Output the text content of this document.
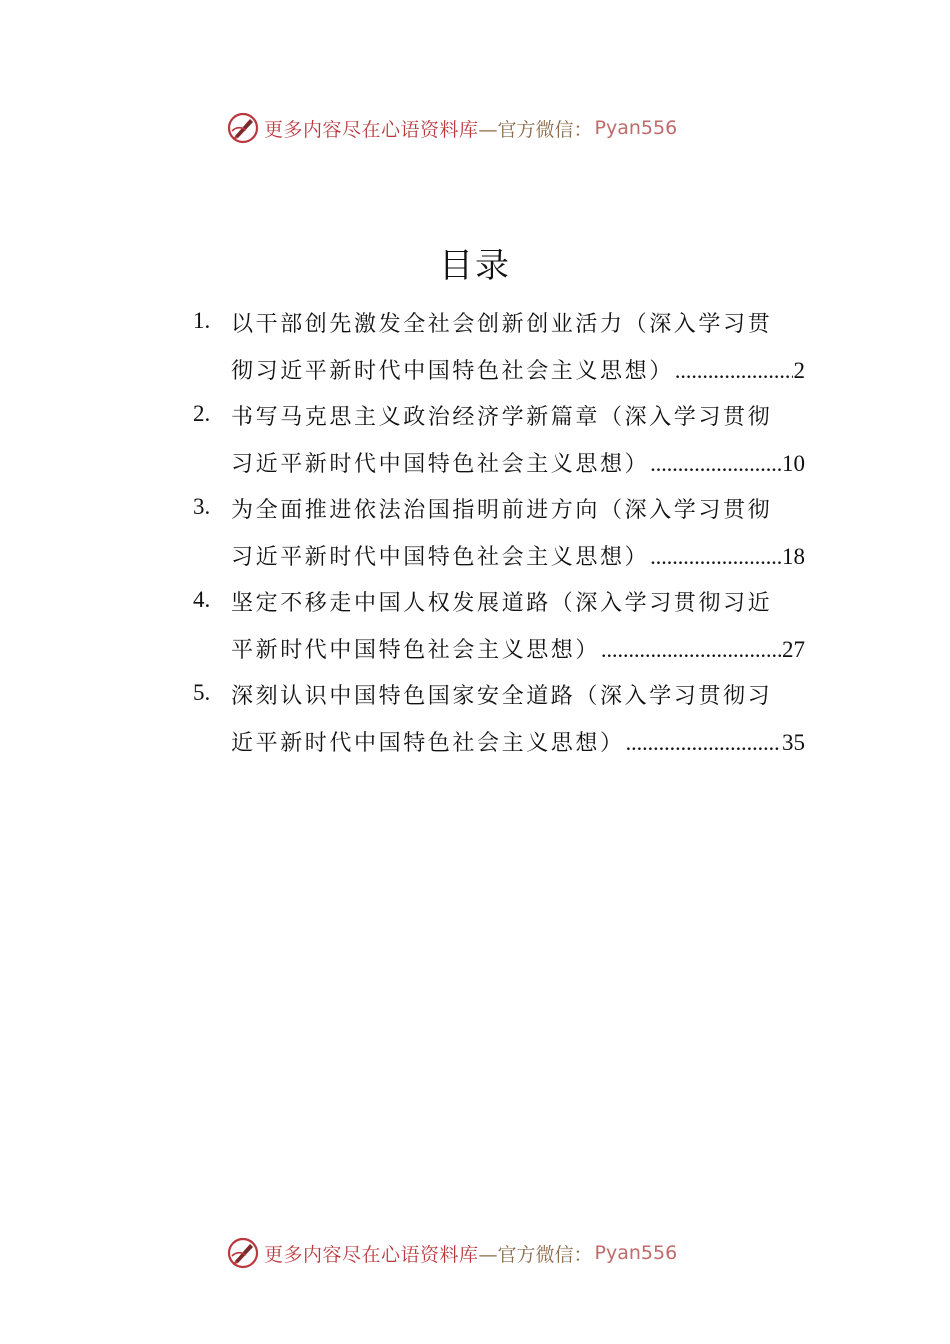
更多内容尽在心语资料库 —官方微信： Pyan556
目录
1. 以干部创先激发全社会创新创业活力（深入学习贯
彻习近平新时代中国特色社会主义思想） .....	2
2. 书写马克思主义政治经济学新篇章（深入学习贯彻
习近平新时代中国特色社会主义思想） .....	10
3. 为全面推进依法治国指明前进方向（深入学习贯彻
习近平新时代中国特色社会主义思想） .....	18
4. 坚定不移走中国人权发展道路（深入学习贯彻习近
平新时代中国特色社会主义思想） .....	27
5. 深刻认识中国特色国家安全道路（深入学习贯彻习
近平新时代中国特色社会主义思想） .....	35
更多内容尽在心语资料库 —官方微信： Pyan556
